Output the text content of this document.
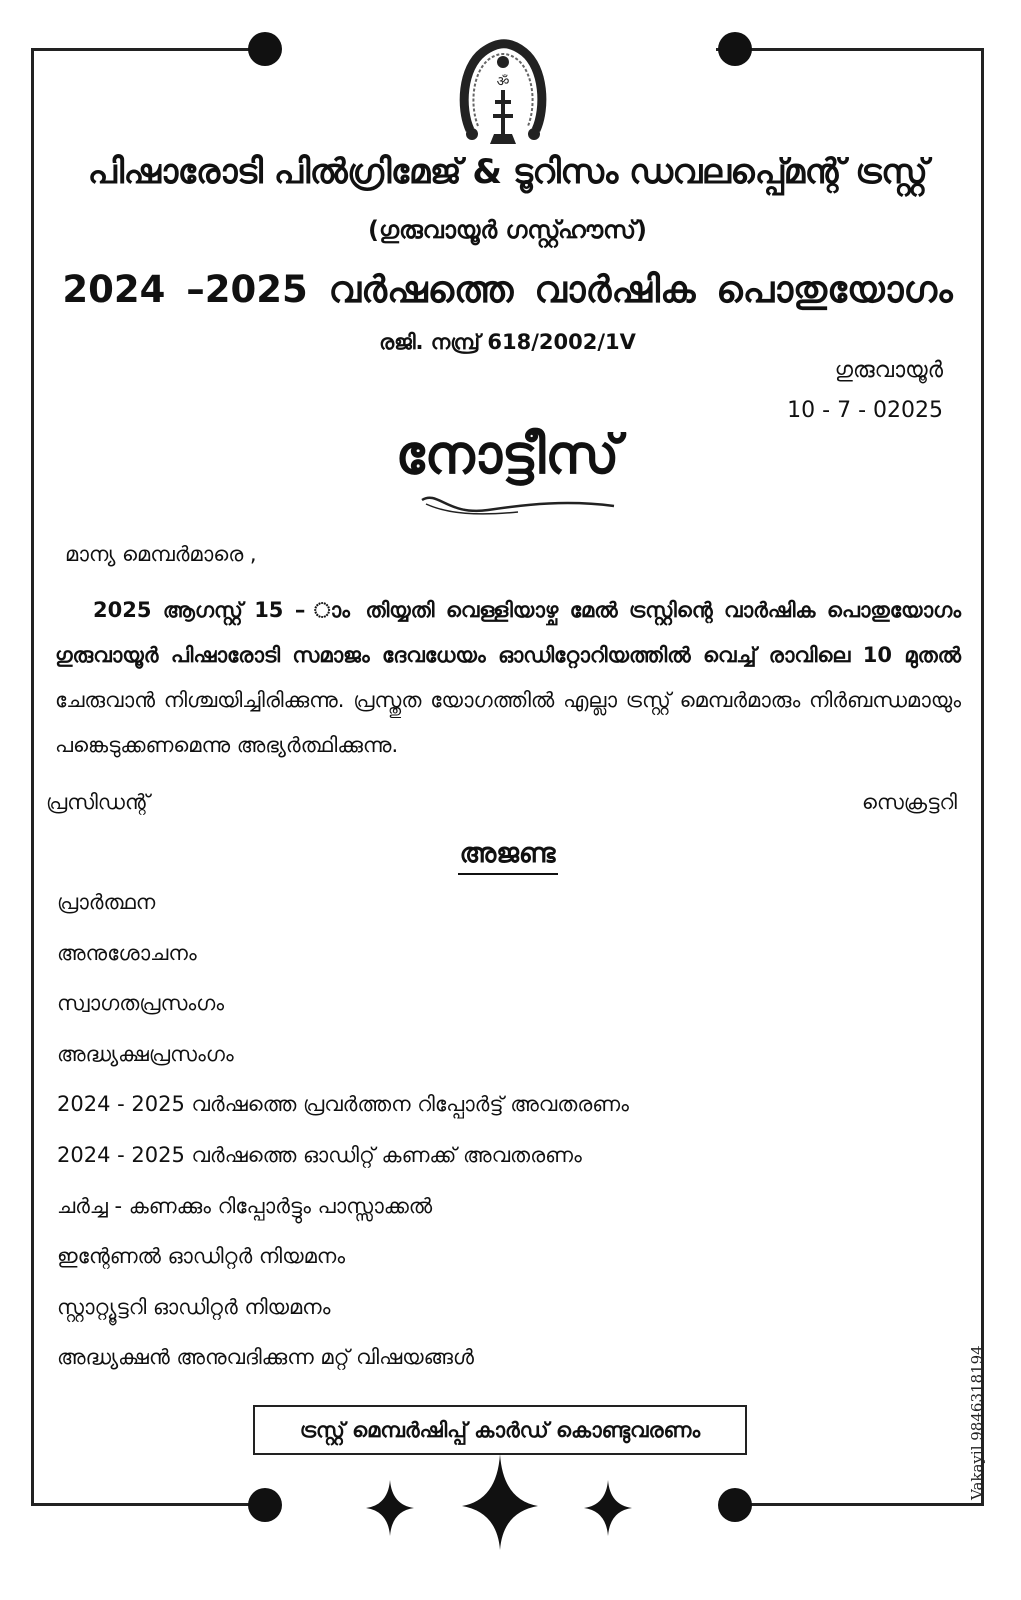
ॐ
പിഷാരോടി പിൽഗ്രിമേജ് & ടൂറിസം ഡവലപ്പ്മെന്റ് ട്രസ്റ്റ്
(ഗുരുവായൂർ ഗസ്റ്റ്ഹൗസ്)
2024 –2025 വർഷത്തെ വാർഷിക പൊതുയോഗം
രജി. നമ്പ്ര് 618/2002/1V
ഗുരുവായൂർ
10 - 7 - 02025
നോട്ടീസ്
മാന്യ മെമ്പർമാരെ ,
2025 ആഗസ്റ്റ് 15 – ാം തിയ്യതി വെള്ളിയാഴ്ച മേൽ ട്രസ്റ്റിന്റെ വാർഷിക പൊതുയോഗം ഗുരുവായൂർ പിഷാരോടി സമാജം ദേവധേയം ഓഡിറ്റോറിയത്തിൽ വെച്ച് രാവിലെ 10 മുതൽ ചേരുവാൻ നിശ്ചയിച്ചിരിക്കുന്നു. പ്രസ്തുത യോഗത്തിൽ എല്ലാ ട്രസ്റ്റ് മെമ്പർമാരും നിർബന്ധമായും പങ്കെടുക്കണമെന്നു അഭ്യർത്ഥിക്കുന്നു.
പ്രസിഡന്റ്	സെക്രട്ടറി
അജണ്ട
പ്രാർത്ഥന
അനുശോചനം
സ്വാഗതപ്രസംഗം
അദ്ധ്യക്ഷപ്രസംഗം
2024 - 2025 വർഷത്തെ പ്രവർത്തന റിപ്പോർട്ട് അവതരണം
2024 - 2025 വർഷത്തെ ഓഡിറ്റ് കണക്ക് അവതരണം
ചർച്ച - കണക്കും റിപ്പോർട്ടും പാസ്സാക്കൽ
ഇന്റേണൽ ഓഡിറ്റർ നിയമനം
സ്റ്റാറ്റ്യൂട്ടറി ഓഡിറ്റർ നിയമനം
അദ്ധ്യക്ഷൻ അനുവദിക്കുന്ന മറ്റ് വിഷയങ്ങൾ
ട്രസ്റ്റ് മെമ്പർഷിപ്പ് കാർഡ് കൊണ്ടുവരണം	Vakayil 9846318194
